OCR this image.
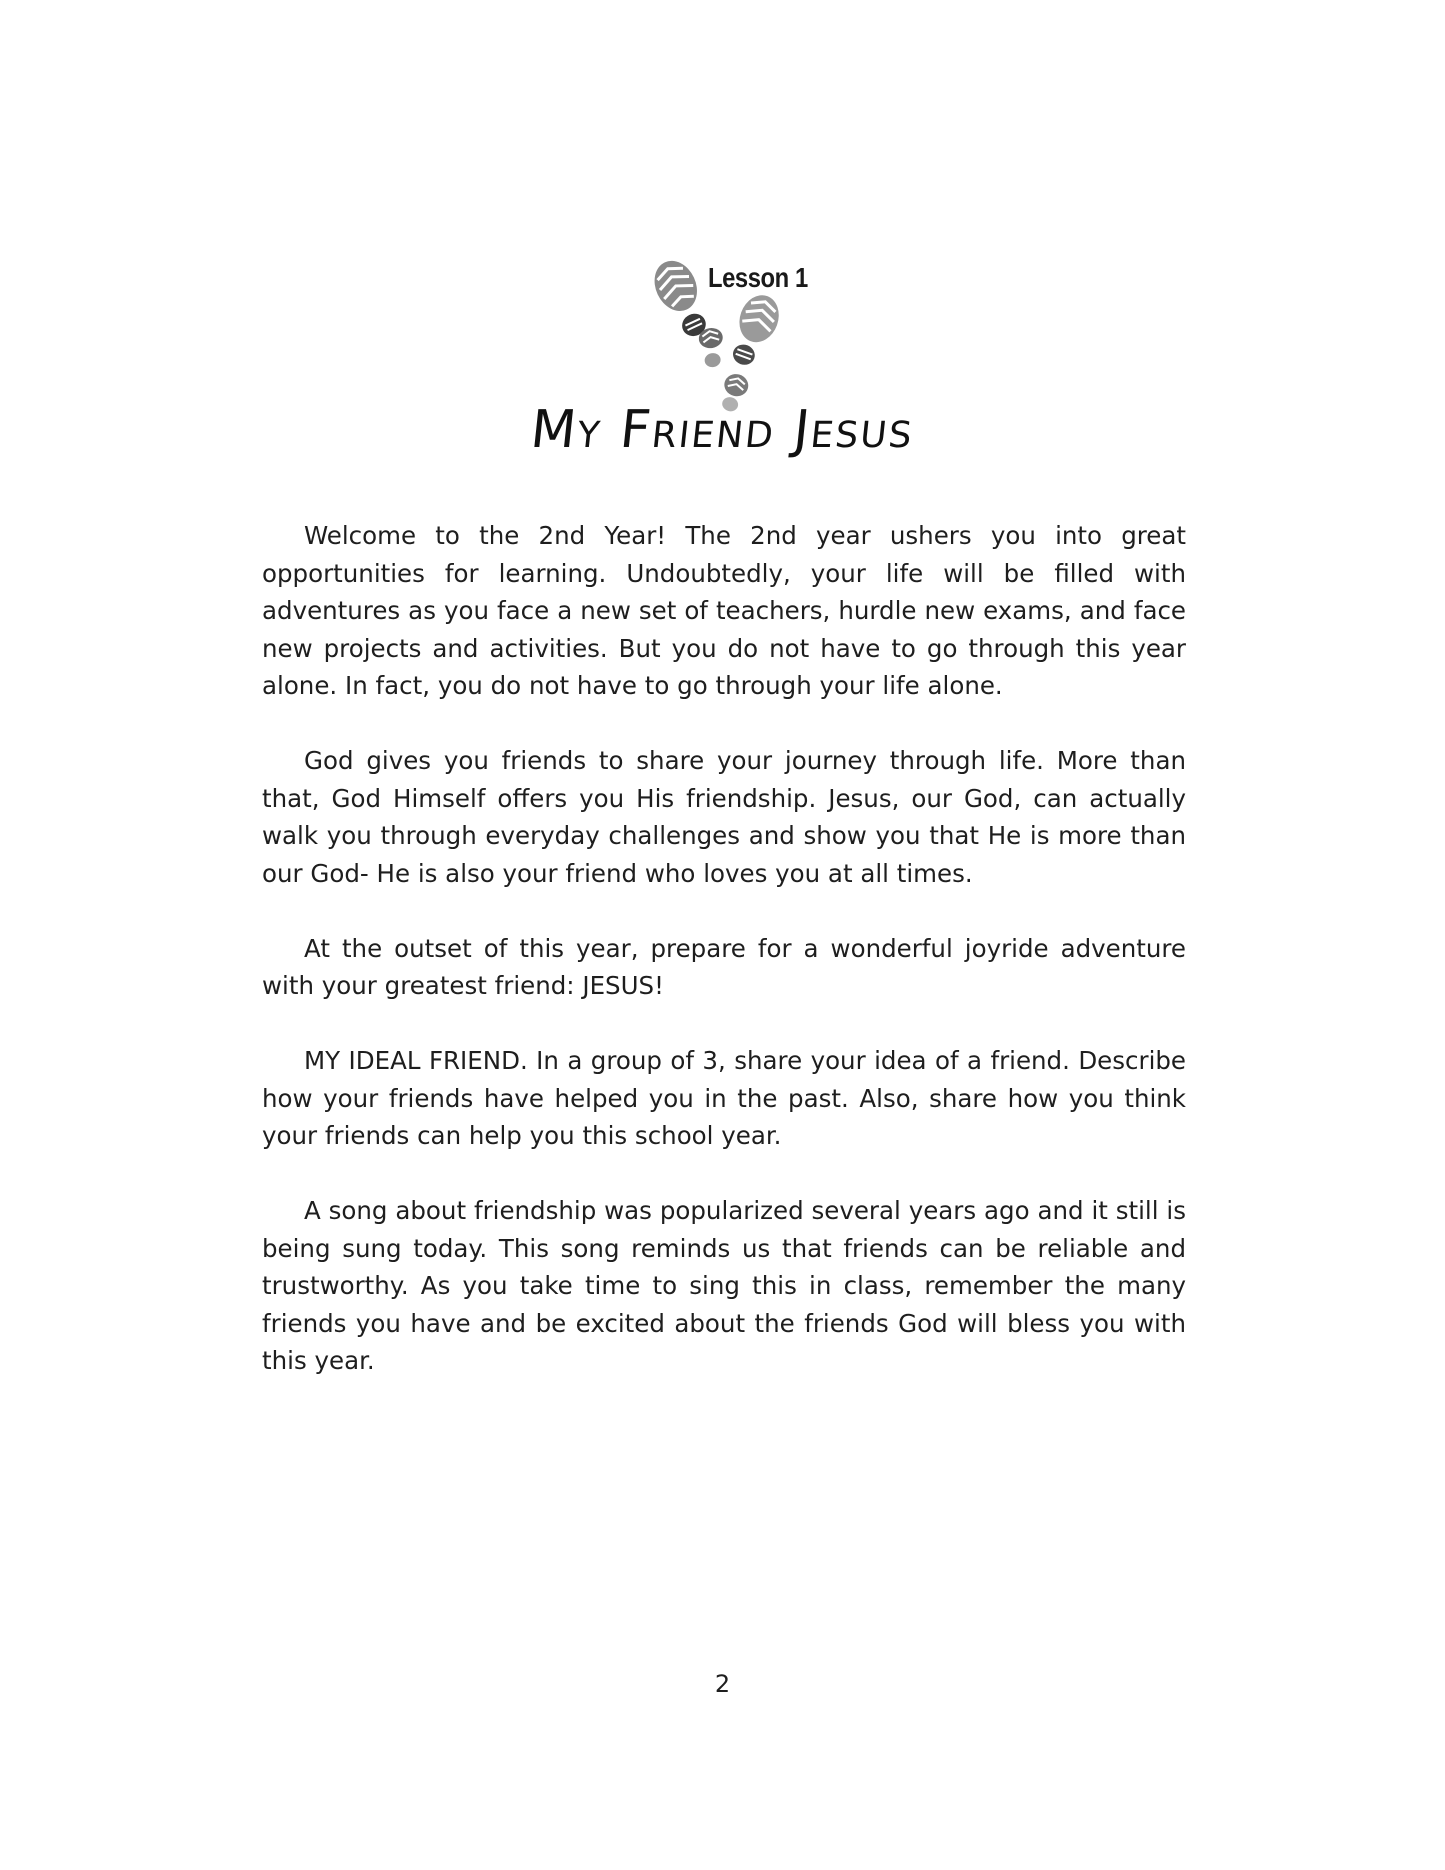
Lesson 1
My Friend Jesus

Welcome to the 2nd Year! The 2nd year ushers you into great opportunities for learning. Undoubtedly, your life will be filled with adventures as you face a new set of teachers, hurdle new exams, and face new projects and activities. But you do not have to go through this year alone. In fact, you do not have to go through your life alone.

God gives you friends to share your journey through life. More than that, God Himself offers you His friendship. Jesus, our God, can actually walk you through everyday challenges and show you that He is more than our God- He is also your friend who loves you at all times.

At the outset of this year, prepare for a wonderful joyride adventure with your greatest friend: JESUS!

MY IDEAL FRIEND. In a group of 3, share your idea of a friend. Describe how your friends have helped you in the past. Also, share how you think your friends can help you this school year.

A song about friendship was popularized several years ago and it still is being sung today. This song reminds us that friends can be reliable and trustworthy. As you take time to sing this in class, remember the many friends you have and be excited about the friends God will bless you with this year.

2
